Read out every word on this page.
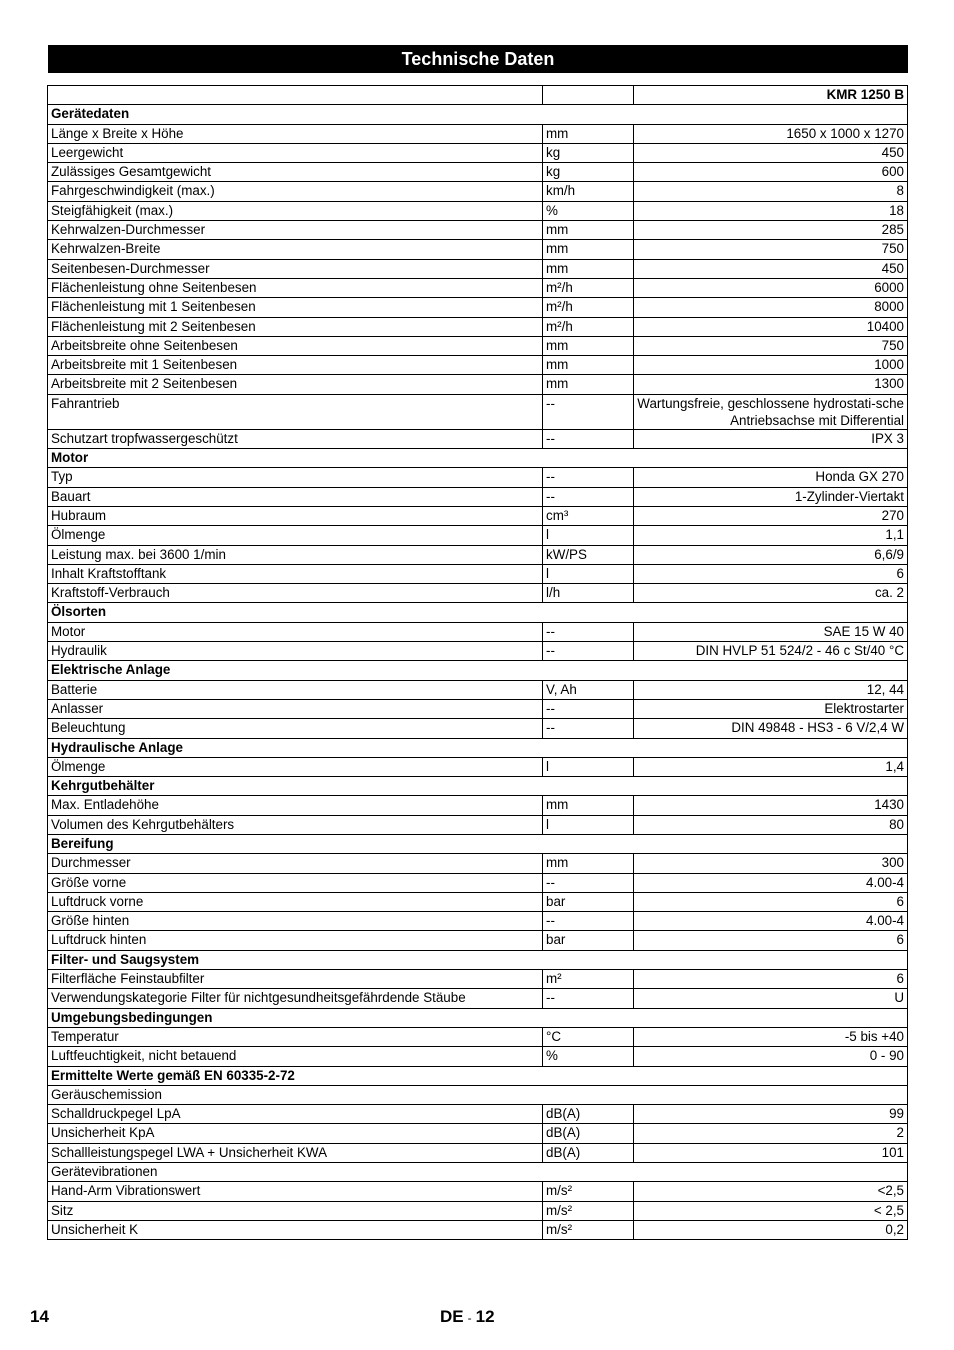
Technische Daten
		KMR 1250 B
Gerätedaten		
Länge x Breite x Höhe	mm	1650 x 1000 x 1270
Leergewicht	kg	450
Zulässiges Gesamtgewicht	kg	600
Fahrgeschwindigkeit (max.)	km/h	8
Steigfähigkeit (max.)	%	18
Kehrwalzen-Durchmesser	mm	285
Kehrwalzen-Breite	mm	750
Seitenbesen-Durchmesser	mm	450
Flächenleistung ohne Seitenbesen	m²/h	6000
Flächenleistung mit 1 Seitenbesen	m²/h	8000
Flächenleistung mit 2 Seitenbesen	m²/h	10400
Arbeitsbreite ohne Seitenbesen	mm	750
Arbeitsbreite mit 1 Seitenbesen	mm	1000
Arbeitsbreite mit 2 Seitenbesen	mm	1300
Fahrantrieb	--	Wartungsfreie, geschlossene hydrostati-sche Antriebsachse mit Differential
Schutzart tropfwassergeschützt	--	IPX 3
Motor		
Typ	--	Honda GX 270
Bauart	--	1-Zylinder-Viertakt
Hubraum	cm³	270
Ölmenge	l	1,1
Leistung max. bei 3600 1/min	kW/PS	6,6/9
Inhalt Kraftstofftank	l	6
Kraftstoff-Verbrauch	l/h	ca. 2
Ölsorten		
Motor	--	SAE 15 W 40
Hydraulik	--	DIN HVLP 51 524/2 - 46 c St/40 °C
Elektrische Anlage		
Batterie	V, Ah	12, 44
Anlasser	--	Elektrostarter
Beleuchtung	--	DIN 49848 - HS3 - 6 V/2,4 W
Hydraulische Anlage		
Ölmenge	l	1,4
Kehrgutbehälter		
Max. Entladehöhe	mm	1430
Volumen des Kehrgutbehälters	l	80
Bereifung		
Durchmesser	mm	300
Größe vorne	--	4.00-4
Luftdruck vorne	bar	6
Größe hinten	--	4.00-4
Luftdruck hinten	bar	6
Filter- und Saugsystem		
Filterfläche Feinstaubfilter	m²	6
Verwendungskategorie Filter für nichtgesundheitsgefährdende Stäube	--	U
Umgebungsbedingungen		
Temperatur	°C	-5 bis +40
Luftfeuchtigkeit, nicht betauend	%	0 - 90
Ermittelte Werte gemäß EN 60335-2-72		
Geräuschemission		
Schalldruckpegel LpA	dB(A)	99
Unsicherheit KpA	dB(A)	2
Schallleistungspegel LWA + Unsicherheit KWA	dB(A)	101
Gerätevibrationen		
Hand-Arm Vibrationswert	m/s²	<2,5
Sitz	m/s²	< 2,5
Unsicherheit K	m/s²	0,2
14	DE - 12
